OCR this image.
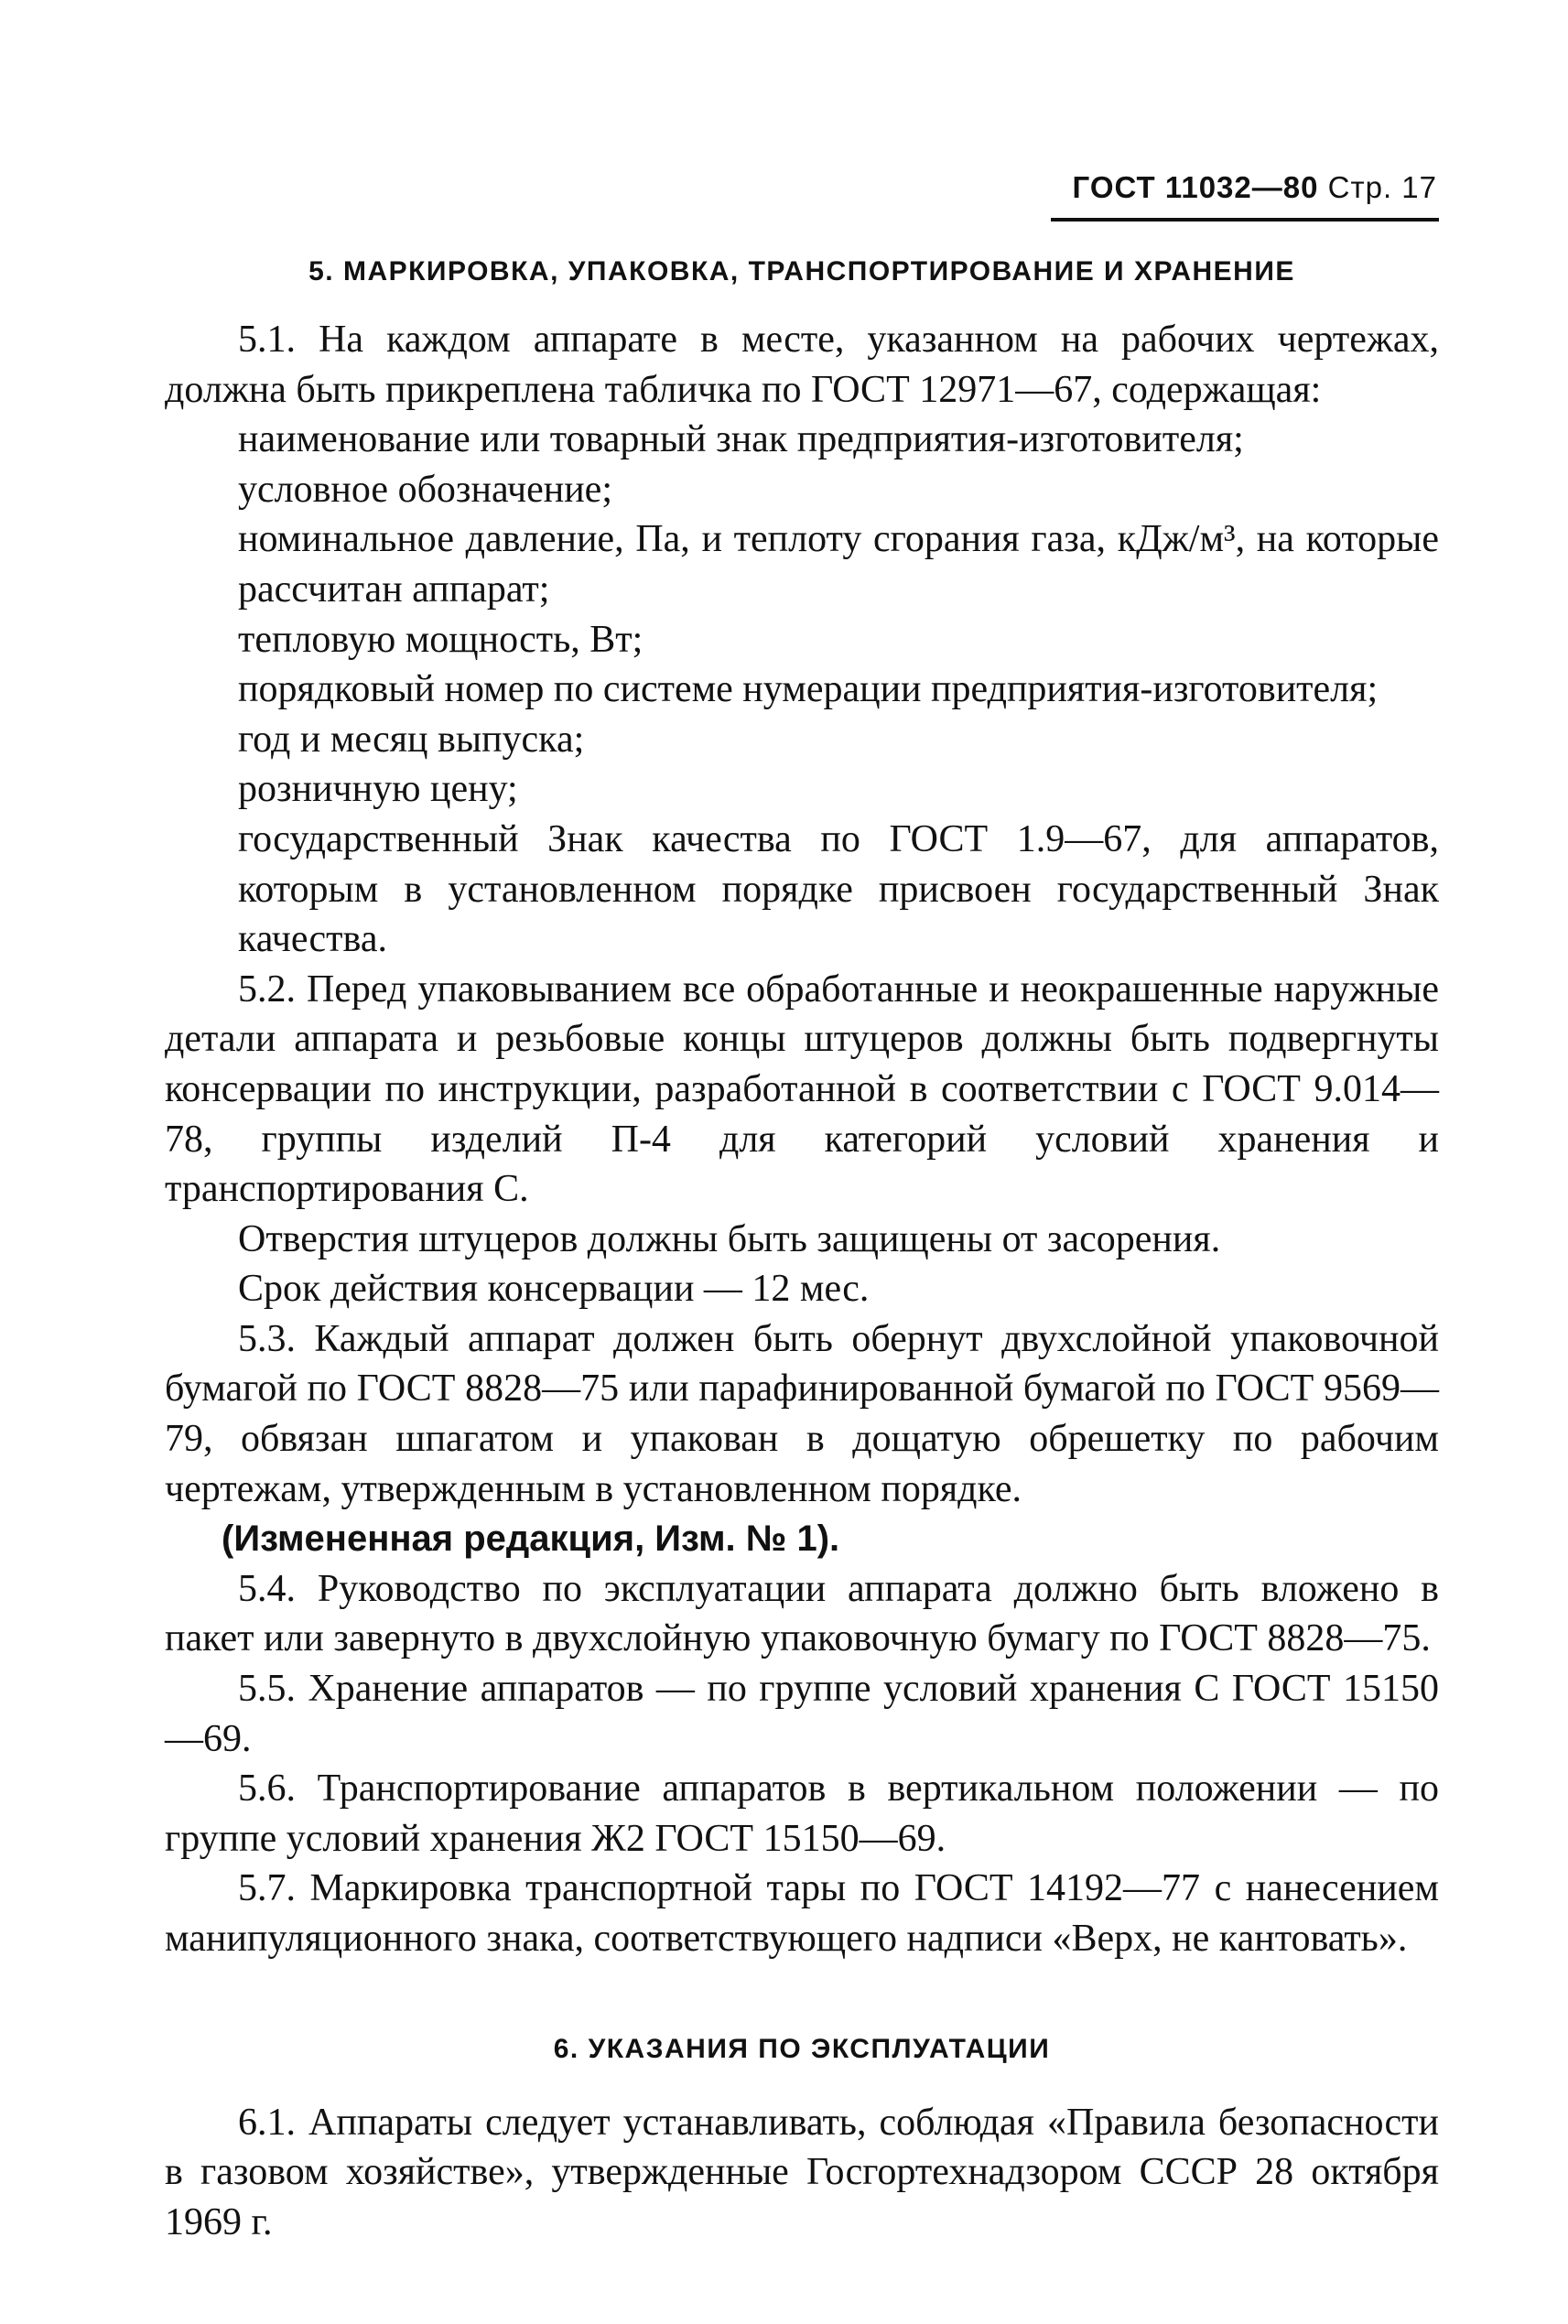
ГОСТ 11032—80 Стр. 17
5. МАРКИРОВКА, УПАКОВКА, ТРАНСПОРТИРОВАНИЕ И ХРАНЕНИЕ

5.1. На каждом аппарате в месте, указанном на рабочих чертежах, должна быть прикреплена табличка по ГОСТ 12971—67, содержащая:

наименование или товарный знак предприятия-изготовителя;

условное обозначение;

номинальное давление, Па, и теплоту сгорания газа, кДж/м³, на которые рассчитан аппарат;

тепловую мощность, Вт;

порядковый номер по системе нумерации предприятия-изготовителя;

год и месяц выпуска;

розничную цену;

государственный Знак качества по ГОСТ 1.9—67, для аппаратов, которым в установленном порядке присвоен государственный Знак качества.

5.2. Перед упаковыванием все обработанные и неокрашенные наружные детали аппарата и резьбовые концы штуцеров должны быть подвергнуты консервации по инструкции, разработанной в соответствии с ГОСТ 9.014—78, группы изделий П-4 для категорий условий хранения и транспортирования С.

Отверстия штуцеров должны быть защищены от засорения.

Срок действия консервации — 12 мес.

5.3. Каждый аппарат должен быть обернут двухслойной упаковочной бумагой по ГОСТ 8828—75 или парафинированной бумагой по ГОСТ 9569—79, обвязан шпагатом и упакован в дощатую обрешетку по рабочим чертежам, утвержденным в установленном порядке.

(Измененная редакция, Изм. № 1).

5.4. Руководство по эксплуатации аппарата должно быть вложено в пакет или завернуто в двухслойную упаковочную бумагу по ГОСТ 8828—75.

5.5. Хранение аппаратов — по группе условий хранения С ГОСТ 15150—69.

5.6. Транспортирование аппаратов в вертикальном положении — по группе условий хранения Ж2 ГОСТ 15150—69.

5.7. Маркировка транспортной тары по ГОСТ 14192—77 с нанесением манипуляционного знака, соответствующего надписи «Верх, не кантовать».

6. УКАЗАНИЯ ПО ЭКСПЛУАТАЦИИ

6.1. Аппараты следует устанавливать, соблюдая «Правила безопасности в газовом хозяйстве», утвержденные Госгортехнадзором СССР 28 октября 1969 г.
